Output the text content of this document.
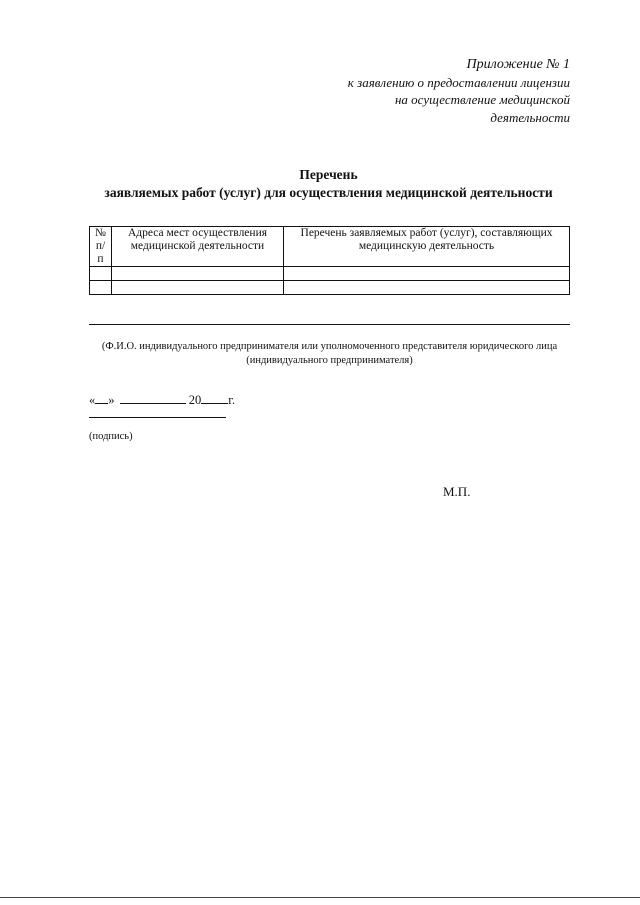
Приложение № 1
к заявлению о предоставлении лицензии
на осуществление медицинской
деятельности
Перечень
заявляемых работ (услуг) для осуществления медицинской деятельности
№ п/п	Адреса мест осуществления медицинской деятельности	Перечень заявляемых работ (услуг), составляющих медицинскую деятельность

(Ф.И.О. индивидуального предпринимателя или уполномоченного представителя юридического лица
(индивидуального предпринимателя)
« »	20 г.
(подпись)
М.П.
